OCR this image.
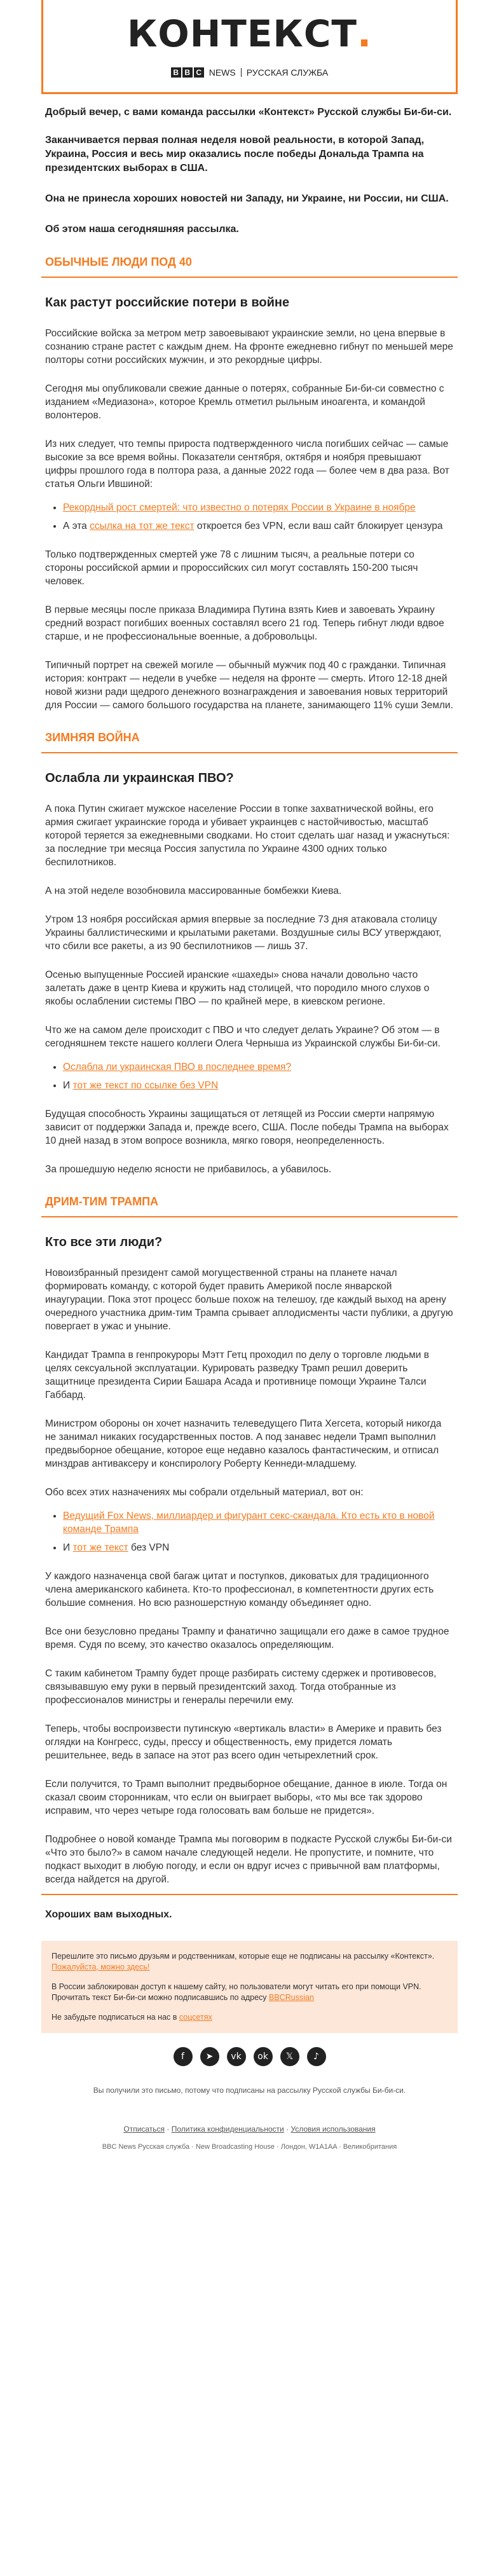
КОНТЕКСТ.
B B C NEWS РУССКАЯ СЛУЖБА

Добрый вечер, с вами команда рассылки «Контекст» Русской службы Би-би-си.

Заканчивается первая полная неделя новой реальности, в которой Запад, Украина, Россия и весь мир оказались после победы Дональда Трампа на президентских выборах в США.

Она не принесла хороших новостей ни Западу, ни Украине, ни России, ни США.

Об этом наша сегодняшняя рассылка.

ОБЫЧНЫЕ ЛЮДИ ПОД 40
Как растут российские потери в войне

Российские войска за метром метр завоевывают украинские земли, но цена впервые в сознанию стране растет с каждым днем. На фронте ежедневно гибнут по меньшей мере полторы сотни российских мужчин, и это рекордные цифры.

Сегодня мы опубликовали свежие данные о потерях, собранные Би-би-си совместно с изданием «Медиазона», которое Кремль отметил рыльным иноагента, и командой волонтеров.

Из них следует, что темпы прироста подтвержденного числа погибших сейчас — самые высокие за все время войны. Показатели сентября, октября и ноября превышают цифры прошлого года в полтора раза, а данные 2022 года — более чем в два раза. Вот статья Ольги Ившиной:

• Рекордный рост смертей: что известно о потерях России в Украине в ноябре
• А эта ссылка на тот же текст откроется без VPN, если ваш сайт блокирует цензура

Только подтвержденных смертей уже 78 с лишним тысяч, а реальные потери со стороны российской армии и пророссийских сил могут составлять 150-200 тысяч человек.

В первые месяцы после приказа Владимира Путина взять Киев и завоевать Украину средний возраст погибших военных составлял всего 21 год. Теперь гибнут люди вдвое старше, и не профессиональные военные, а добровольцы.

Типичный портрет на свежей могиле — обычный мужчик под 40 с гражданки. Типичная история: контракт — недели в учебке — неделя на фронте — смерть. Итого 12-18 дней новой жизни ради щедрого денежного вознаграждения и завоевания новых территорий для России — самого большого государства на планете, занимающего 11% суши Земли.

ЗИМНЯЯ ВОЙНА
Ослабла ли украинская ПВО?

А пока Путин сжигает мужское население России в топке захватнической войны, его армия сжигает украинские города и убивает украинцев с настойчивостью, масштаб которой теряется за ежедневными сводками. Но стоит сделать шаг назад и ужаснуться: за последние три месяца Россия запустила по Украине 4300 одних только беспилотников.

А на этой неделе возобновила массированные бомбежки Киева.

Утром 13 ноября российская армия впервые за последние 73 дня атаковала столицу Украины баллистическими и крылатыми ракетами. Воздушные силы ВСУ утверждают, что сбили все ракеты, а из 90 беспилотников — лишь 37.

Осенью выпущенные Россией иранские «шахеды» снова начали довольно часто залетать даже в центр Киева и кружить над столицей, что породило много слухов о якобы ослаблении системы ПВО — по крайней мере, в киевском регионе.

Что же на самом деле происходит с ПВО и что следует делать Украине? Об этом — в сегодняшнем тексте нашего коллеги Олега Черныша из Украинской службы Би-би-си.

• Ослабла ли украинская ПВО в последнее время?
• И тот же текст по ссылке без VPN

Будущая способность Украины защищаться от летящей из России смерти напрямую зависит от поддержки Запада и, прежде всего, США. После победы Трампа на выборах 10 дней назад в этом вопросе возникла, мягко говоря, неопределенность.

За прошедшую неделю ясности не прибавилось, а убавилось.

ДРИМ-ТИМ ТРАМПА
Кто все эти люди?

Новоизбранный президент самой могущественной страны на планете начал формировать команду, с которой будет править Америкой после январской инаугурации. Пока этот процесс больше похож на телешоу, где каждый выход на арену очередного участника дрим-тим Трампа срывает аплодисменты части публики, а другую повергает в ужас и уныние.

Кандидат Трампа в генпрокуроры Мэтт Гетц проходил по делу о торговле людьми в целях сексуальной эксплуатации. Курировать разведку Трамп решил доверить защитнице президента Сирии Башара Асада и противнице помощи Украине Талси Габбард.

Министром обороны он хочет назначить телеведущего Пита Хегсета, который никогда не занимал никаких государственных постов. А под занавес недели Трамп выполнил предвыборное обещание, которое еще недавно казалось фантастическим, и отписал минздрав антиваксеру и конспирологу Роберту Кеннеди-младшему.

Обо всех этих назначениях мы собрали отдельный материал, вот он:

• Ведущий Fox News, миллиардер и фигурант секс-скандала. Кто есть кто в новой команде Трампа
• И тот же текст без VPN

У каждого назначенца свой багаж цитат и поступков, диковатых для традиционного члена американского кабинета. Кто-то профессионал, в компетентности других есть большие сомнения. Но всю разношерстную команду объединяет одно.

Все они безусловно преданы Трампу и фанатично защищали его даже в самое трудное время. Судя по всему, это качество оказалось определяющим.

С таким кабинетом Трампу будет проще разбирать систему сдержек и противовесов, связывавшую ему руки в первый президентский заход. Тогда отобранные из профессионалов министры и генералы перечили ему.

Теперь, чтобы воспроизвести путинскую «вертикаль власти» в Америке и править без оглядки на Конгресс, суды, прессу и общественность, ему придется ломать решительнее, ведь в запасе на этот раз всего один четырехлетний срок.

Если получится, то Трамп выполнит предвыборное обещание, данное в июле. Тогда он сказал своим сторонникам, что если он выиграет выборы, «то мы все так здорово исправим, что через четыре года голосовать вам больше не придется».

Подробнее о новой команде Трампа мы поговорим в подкасте Русской службы Би-би-си «Что это было?» в самом начале следующей недели. Не пропустите, и помните, что подкаст выходит в любую погоду, и если он вдруг исчез с привычной вам платформы, всегда найдется на другой.

Хороших вам выходных.

Перешлите это письмо друзьям и родственникам, которые еще не подписаны на рассылку «Контекст». Пожалуйста, можно здесь!

В России заблокирован доступ к нашему сайту, но пользователи могут читать его при помощи VPN. Прочитать текст Би-би-си можно подписавшись по адресу BBCRussian

Не забудьте подписаться на нас в соцсетях

f	➤	vk	ok	𝕏	♪
Вы получили это письмо, потому что подписаны на рассылку Русской службы Би-би-си.
Отписаться · Политика конфиденциальности · Условия использования
BBC News Русская служба · New Broadcasting House · Лондон, W1A1AA · Великобритания
